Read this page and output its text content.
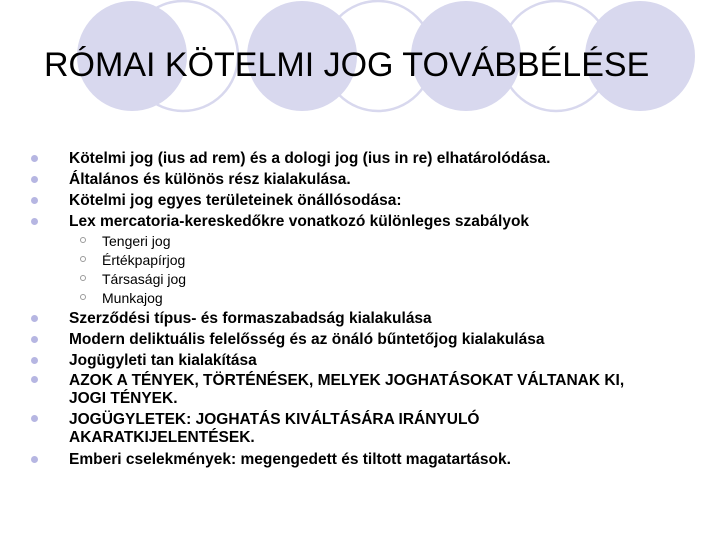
RÓMAI KÖTELMI JOG TOVÁBBÉLÉSE
Kötelmi jog (ius ad rem) és a dologi jog (ius in re) elhatárolódása.
Általános és különös rész kialakulása.
Kötelmi jog egyes területeinek önállósodása:
Lex mercatoria-kereskedőkre vonatkozó különleges szabályok
Tengeri jog
Értékpapírjog
Társasági jog
Munkajog
Szerződési típus- és formaszabadság kialakulása
Modern deliktuális felelősség és az önáló bűntetőjog kialakulása
Jogügyleti tan kialakítása
AZOK A TÉNYEK, TÖRTÉNÉSEK, MELYEK JOGHATÁSOKAT VÁLTANAK KI, JOGI TÉNYEK.
JOGÜGYLETEK: JOGHATÁS KIVÁLTÁSÁRA IRÁNYULÓ AKARATKIJELENTÉSEK.
Emberi cselekmények: megengedett és tiltott magatartások.
